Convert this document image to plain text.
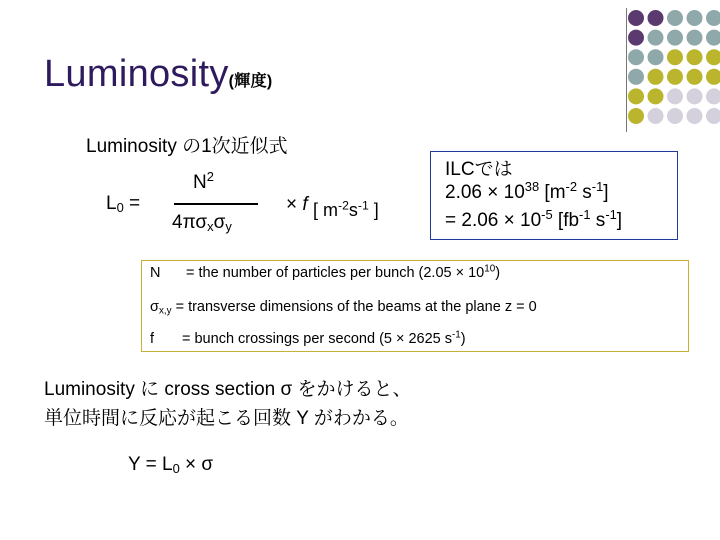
Luminosity(輝度)
Luminosity の1次近似式
$L_0$ =
$N^2$
$4\pi\sigma_x\sigma_y$
× f [ $m^{-2}s^{-1}$ ]
ILCでは
$2.06 \times 10^{38}$ [$m^{-2}$ $s^{-1}$]
= $2.06 \times 10^{-5}$ [$fb^{-1}$ $s^{-1}$]
N = the number of particles per bunch $(2.05 \times 10^{10})$
$\sigma_{x,y}$ = transverse dimensions of the beams at the plane z = 0
f = bunch crossings per second (5 × 2625 $s^{-1}$)
Luminosity に cross section σ をかけると、
単位時間に反応が起こる回数 Y がわかる。
$Y = L_0 \times \sigma$
